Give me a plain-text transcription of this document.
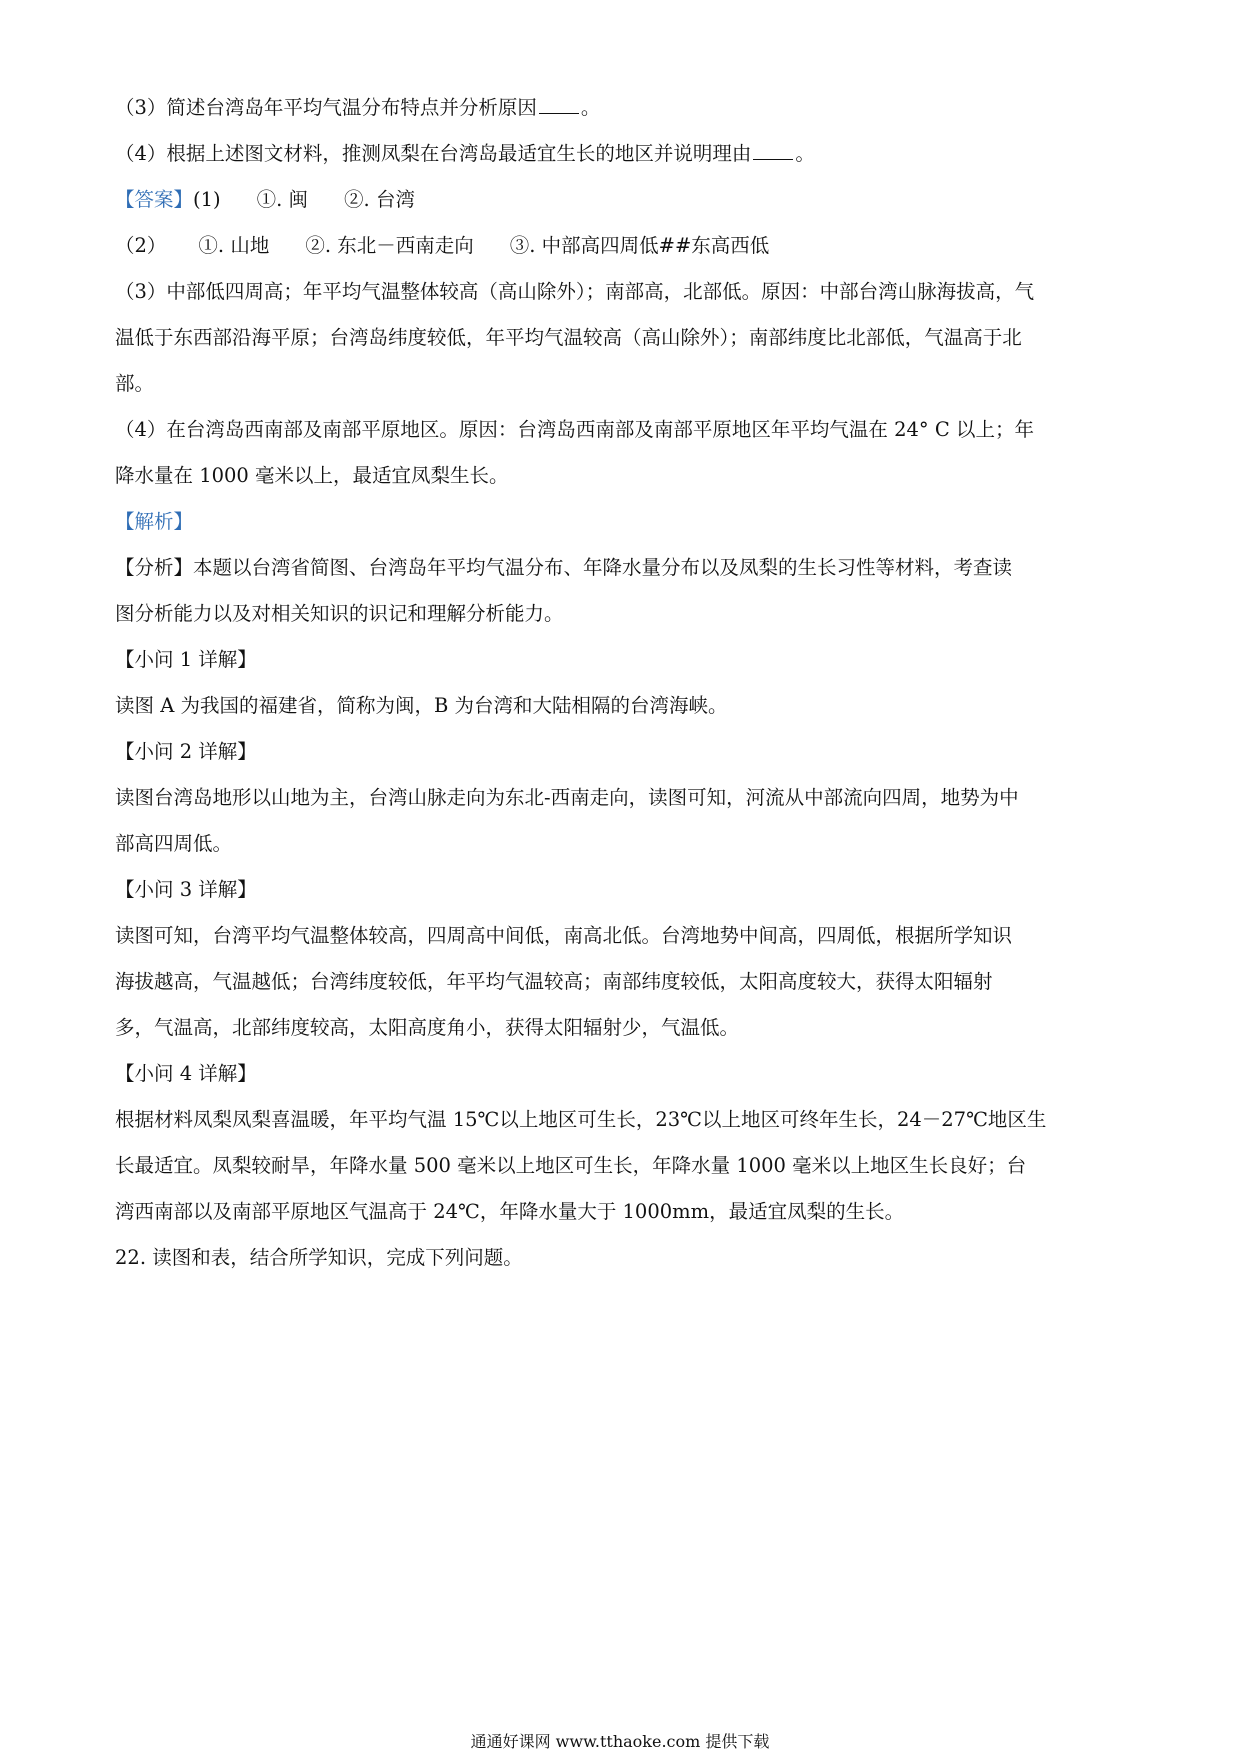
（3）简述台湾岛年平均气温分布特点并分析原因 。
（4）根据上述图文材料，推测凤梨在台湾岛最适宜生长的地区并说明理由 。
【答案】(1) ①. 闽 ②. 台湾
（2） ①. 山地 ②. 东北－西南走向 ③. 中部高四周低##东高西低
（3）中部低四周高；年平均气温整体较高（高山除外）；南部高，北部低。原因：中部台湾山脉海拔高，气
温低于东西部沿海平原；台湾岛纬度较低，年平均气温较高（高山除外）；南部纬度比北部低，气温高于北
部。
（4）在台湾岛西南部及南部平原地区。原因：台湾岛西南部及南部平原地区年平均气温在 24° C 以上；年
降水量在 1000 毫米以上，最适宜凤梨生长。
【解析】
【分析】本题以台湾省简图、台湾岛年平均气温分布、年降水量分布以及凤梨的生长习性等材料，考查读
图分析能力以及对相关知识的识记和理解分析能力。
【小问 1 详解】
读图 A 为我国的福建省，简称为闽，B 为台湾和大陆相隔的台湾海峡。
【小问 2 详解】
读图台湾岛地形以山地为主，台湾山脉走向为东北-西南走向，读图可知，河流从中部流向四周，地势为中
部高四周低。
【小问 3 详解】
读图可知，台湾平均气温整体较高，四周高中间低，南高北低。台湾地势中间高，四周低，根据所学知识
海拔越高，气温越低；台湾纬度较低，年平均气温较高；南部纬度较低，太阳高度较大，获得太阳辐射
多，气温高，北部纬度较高，太阳高度角小，获得太阳辐射少，气温低。
【小问 4 详解】
根据材料凤梨凤梨喜温暖，年平均气温 15℃以上地区可生长，23℃以上地区可终年生长，24－27℃地区生
长最适宜。凤梨较耐旱，年降水量 500 毫米以上地区可生长，年降水量 1000 毫米以上地区生长良好；台
湾西南部以及南部平原地区气温高于 24℃，年降水量大于 1000mm，最适宜凤梨的生长。
22. 读图和表，结合所学知识，完成下列问题。
通通好课网 www.tthaoke.com 提供下载
